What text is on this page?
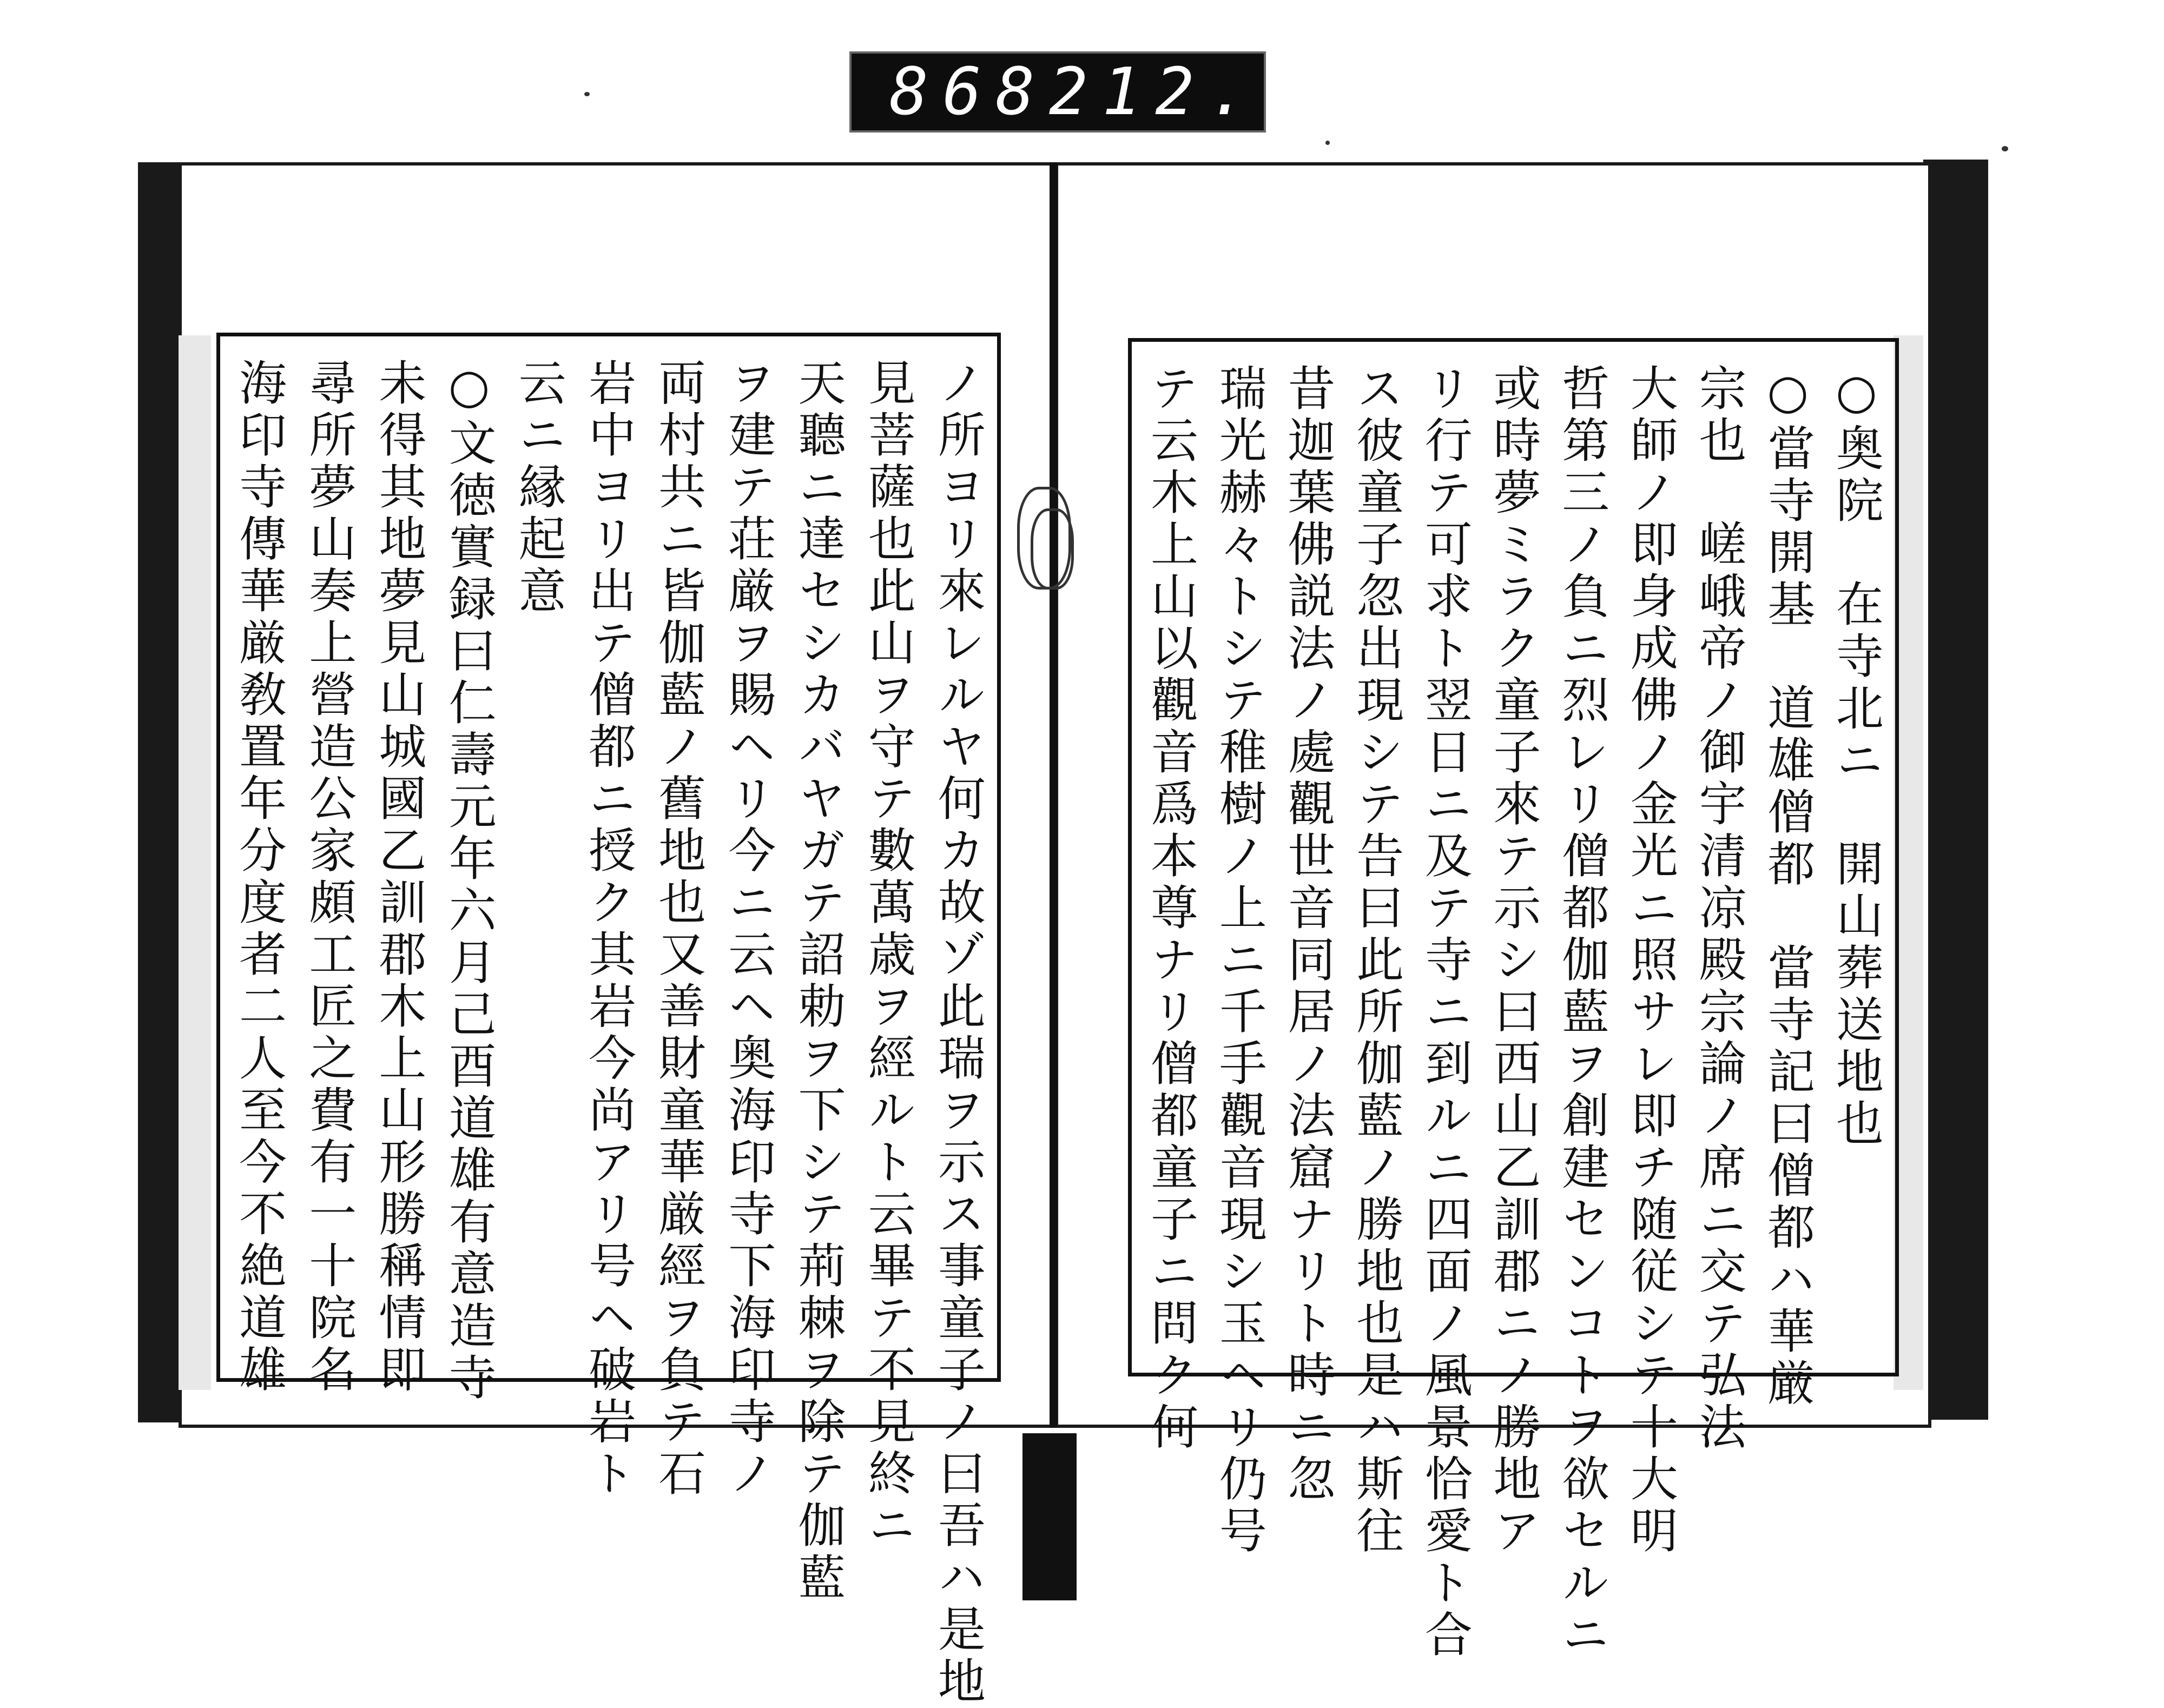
868 212.
○奥院　在寺北ニ　開山葬送地也
○當寺開基　道雄僧都　當寺記曰僧都ハ華厳
宗也　嵯峨帝ノ御宇清凉殿宗論ノ席ニ交テ弘法
大師ノ即身成佛ノ金光ニ照サレ即チ随従シテ十大明
哲第三ノ負ニ烈レリ僧都伽藍ヲ創建センコトヲ欲セルニ
或時夢ミラク童子來テ示シ曰西山乙訓郡ニノ勝地ア
リ行テ可求ト翌日ニ及テ寺ニ到ルニ四面ノ風景恰愛ト合
ス彼童子忽出現シテ告曰此所伽藍ノ勝地也是ハ斯往
昔迦葉佛説法ノ處觀世音同居ノ法窟ナリト時ニ忽
瑞光赫々トシテ稚樹ノ上ニ千手觀音現シ玉ヘリ仍号
テ云木上山以觀音爲本尊ナリ僧都童子ニ問ク何
ノ所ヨリ來レルヤ何カ故ゾ此瑞ヲ示ス事童子ノ曰吾ハ是地
見菩薩也此山ヲ守テ數萬歳ヲ經ルト云畢テ不見終ニ
天聽ニ達セシカバヤガテ詔勅ヲ下シテ荊棘ヲ除テ伽藍
ヲ建テ荘厳ヲ賜ヘリ今ニ云ヘ奥海印寺下海印寺ノ
両村共ニ皆伽藍ノ舊地也又善財童華厳經ヲ負テ石
岩中ヨリ出テ僧都ニ授ク其岩今尚アリ号ヘ破岩ト
云ニ縁起意
○文徳實録曰仁壽元年六月己酉道雄有意造寺
未得其地夢見山城國乙訓郡木上山形勝稱情即
尋所夢山奏上營造公家頗工匠之費有一十院名
海印寺傳華厳敎置年分度者二人至今不絶道雄
